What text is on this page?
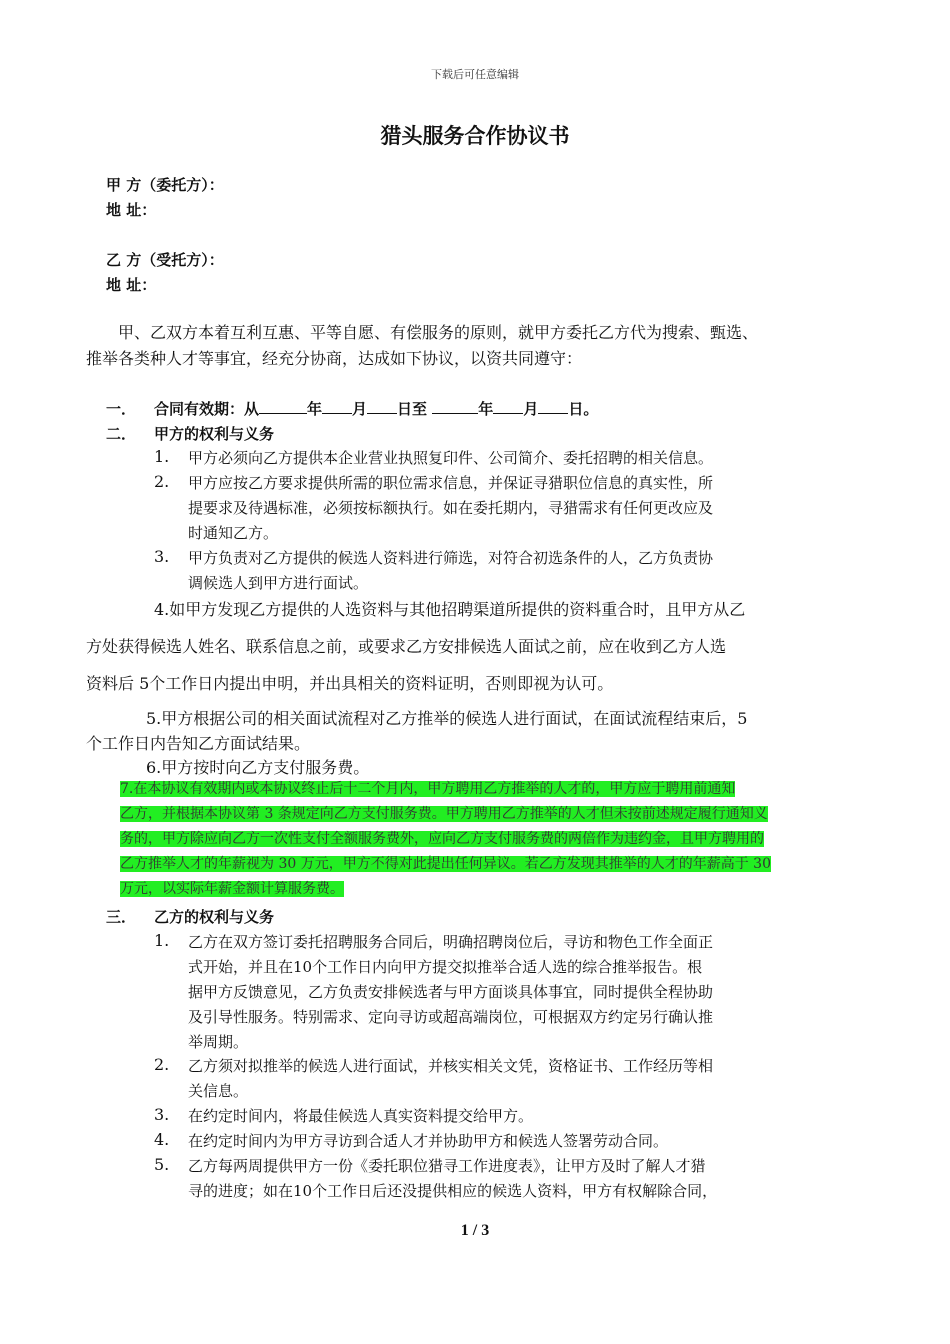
下载后可任意编辑
猎头服务合作协议书
甲 方（委托方）：
地 址：
乙 方（受托方）：
地 址：
甲、乙双方本着互利互惠、平等自愿、有偿服务的原则，就甲方委托乙方代为搜索、甄选、
推举各类种人才等事宜，经充分协商，达成如下协议，以资共同遵守：
一． 合同有效期：从	年 月 日至	年 月 日。
二． 甲方的权利与义务
1. 甲方必须向乙方提供本企业营业执照复印件、公司简介、委托招聘的相关信息。
2. 甲方应按乙方要求提供所需的职位需求信息，并保证寻猎职位信息的真实性，所
提要求及待遇标准，必须按标额执行。如在委托期内，寻猎需求有任何更改应及
时通知乙方。
3. 甲方负责对乙方提供的候选人资料进行筛选，对符合初选条件的人，乙方负责协
调候选人到甲方进行面试。
4.如甲方发现乙方提供的人选资料与其他招聘渠道所提供的资料重合时，且甲方从乙
方处获得候选人姓名、联系信息之前，或要求乙方安排候选人面试之前，应在收到乙方人选
资料后 5个工作日内提出申明，并出具相关的资料证明，否则即视为认可。
5.甲方根据公司的相关面试流程对乙方推举的候选人进行面试，在面试流程结束后，5
个工作日内告知乙方面试结果。
6.甲方按时向乙方支付服务费。
7.在本协议有效期内或本协议终止后十二个月内，甲方聘用乙方推举的人才的，甲方应于聘用前通知
乙方，并根据本协议第 3 条规定向乙方支付服务费。甲方聘用乙方推举的人才但未按前述规定履行通知义
务的，甲方除应向乙方一次性支付全额服务费外，应向乙方支付服务费的两倍作为违约金，且甲方聘用的
乙方推举人才的年薪视为 30 万元，甲方不得对此提出任何异议。若乙方发现其推举的人才的年薪高于 30
万元，以实际年薪金额计算服务费。
三． 乙方的权利与义务
1. 乙方在双方签订委托招聘服务合同后，明确招聘岗位后，寻访和物色工作全面正
式开始，并且在10个工作日内向甲方提交拟推举合适人选的综合推举报告。根
据甲方反馈意见，乙方负责安排候选者与甲方面谈具体事宜，同时提供全程协助
及引导性服务。特别需求、定向寻访或超高端岗位，可根据双方约定另行确认推
举周期。
2. 乙方须对拟推举的候选人进行面试，并核实相关文凭，资格证书、工作经历等相
关信息。
3. 在约定时间内，将最佳候选人真实资料提交给甲方。
4. 在约定时间内为甲方寻访到合适人才并协助甲方和候选人签署劳动合同。
5. 乙方每两周提供甲方一份《委托职位猎寻工作进度表》，让甲方及时了解人才猎
寻的进度；如在10个工作日后还没提供相应的候选人资料，甲方有权解除合同，
1 / 3
